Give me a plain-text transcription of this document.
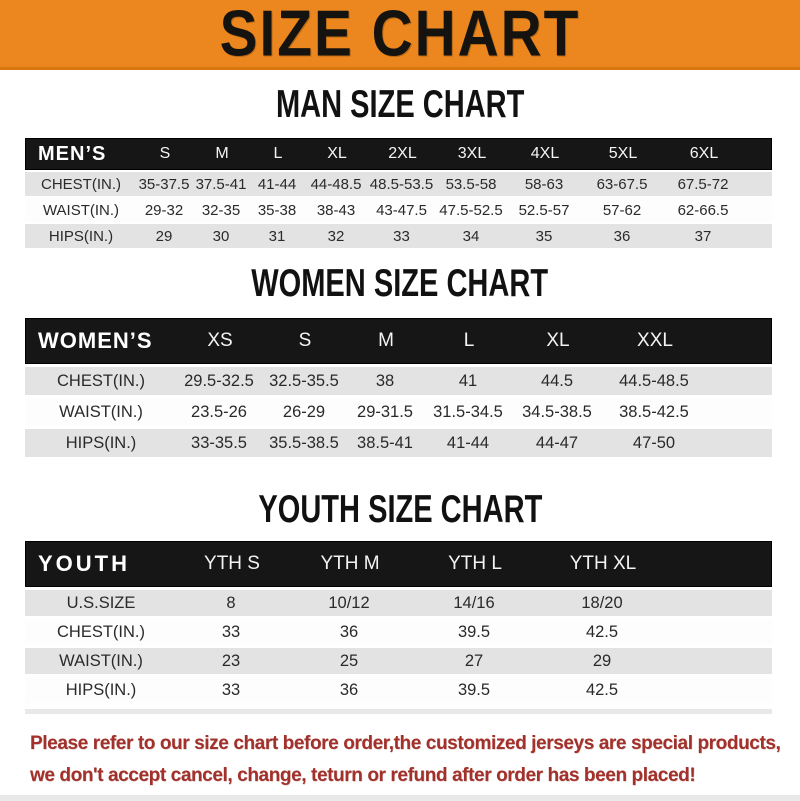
SIZE CHART
MAN SIZE CHART
MEN’S	S	M	L	XL	2XL	3XL	4XL	5XL	6XL
CHEST(IN.)	35-37.5 37.5-41 41-44 44-48.5 48.5-53.5 53.5-58	58-63	63-67.5	67.5-72
WAIST(IN.)	29-32	32-35	35-38	38-43	43-47.5 47.5-52.5	52.5-57	57-62	62-66.5
HIPS(IN.)	29	30	31	32	33	34	35	36	37
WOMEN SIZE CHART
WOMEN’S	XS	S	M	L	XL	XXL
CHEST(IN.)	29.5-32.5 32.5-35.5	38	41	44.5	44.5-48.5
WAIST(IN.)	23.5-26	26-29	29-31.5	31.5-34.5	34.5-38.5	38.5-42.5
HIPS(IN.)	33-35.5	35.5-38.5	38.5-41	41-44	44-47	47-50
YOUTH SIZE CHART
YOUTH	YTH S	YTH M	YTH L	YTH XL
U.S.SIZE	8	10/12	14/16	18/20
CHEST(IN.)	33	36	39.5	42.5
WAIST(IN.)	23	25	27	29
HIPS(IN.)	33	36	39.5	42.5
Please refer to our size chart before order,the customized jerseys are special products,
we don't accept cancel, change, teturn or refund after order has been placed!
